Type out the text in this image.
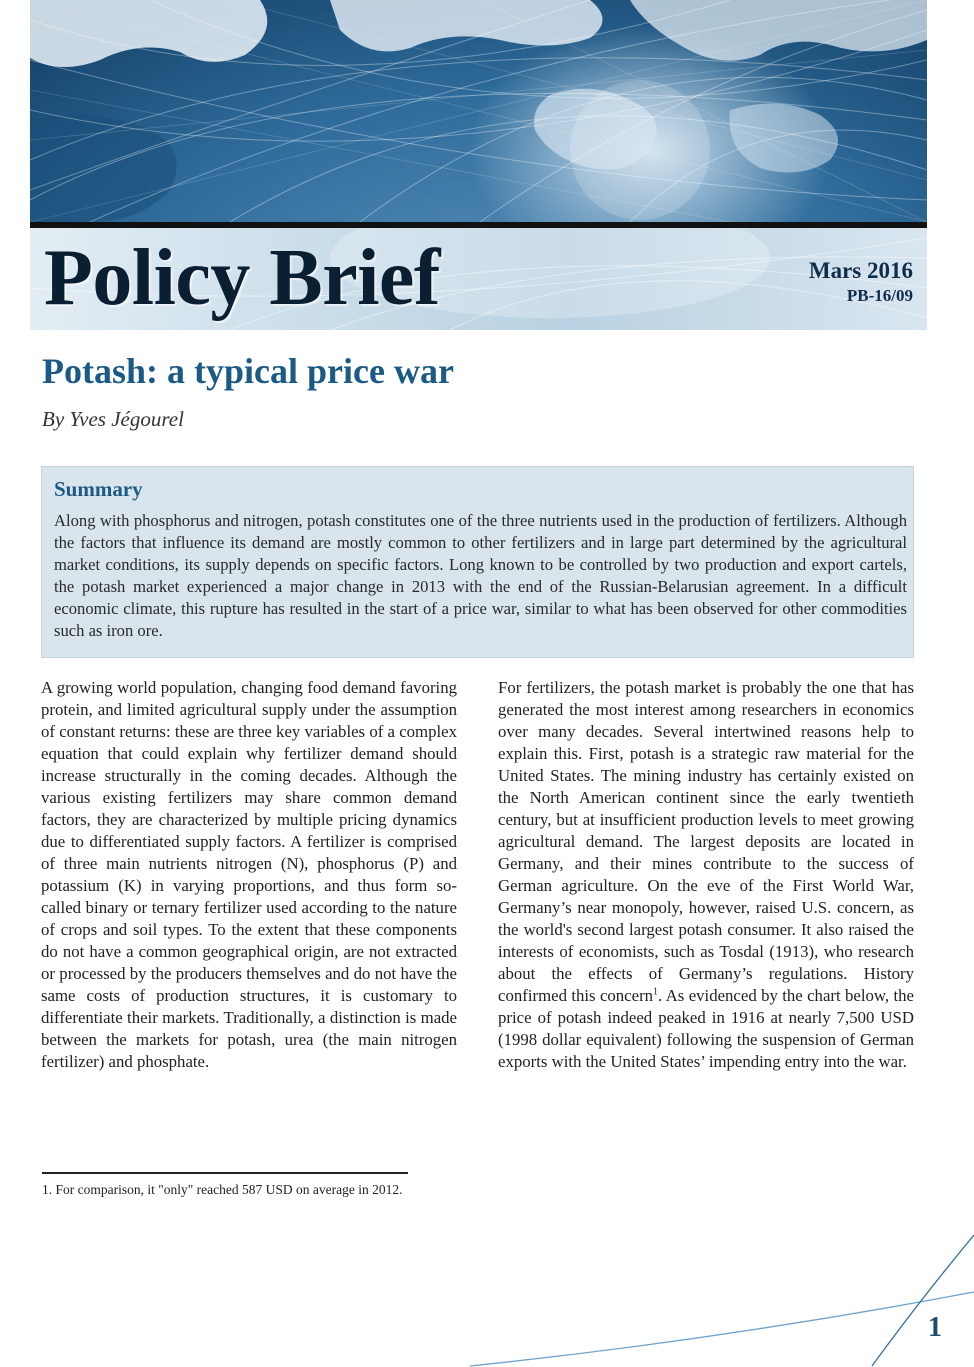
Policy Brief	Mars 2016
PB-16/09
Potash: a typical price war

By Yves Jégourel

Summary

Along with phosphorus and nitrogen, potash constitutes one of the three nutrients used in the production of fertilizers. Although the factors that influence its demand are mostly common to other fertilizers and in large part determined by the agricultural market conditions, its supply depends on specific factors. Long known to be controlled by two production and export cartels, the potash market experienced a major change in 2013 with the end of the Russian-Belarusian agreement. In a difficult economic climate, this rupture has resulted in the start of a price war, similar to what has been observed for other commodities such as iron ore.

A growing world population, changing food demand favoring protein, and limited agricultural supply under the assumption of constant returns: these are three key variables of a complex equation that could explain why fertilizer demand should increase structurally in the coming decades. Although the various existing fertilizers may share common demand factors, they are characterized by multiple pricing dynamics due to differentiated supply factors. A fertilizer is comprised of three main nutrients nitrogen (N), phosphorus (P) and potassium (K) in varying proportions, and thus form so-called binary or ternary fertilizer used according to the nature of crops and soil types. To the extent that these components do not have a common geographical origin, are not extracted or processed by the producers themselves and do not have the same costs of production structures, it is customary to differentiate their markets. Traditionally, a distinction is made between the markets for potash, urea (the main nitrogen fertilizer) and phosphate.

For fertilizers, the potash market is probably the one that has generated the most interest among researchers in economics over many decades. Several intertwined reasons help to explain this. First, potash is a strategic raw material for the United States. The mining industry has certainly existed on the North American continent since the early twentieth century, but at insufficient production levels to meet growing agricultural demand. The largest deposits are located in Germany, and their mines contribute to the success of German agriculture. On the eve of the First World War, Germany’s near monopoly, however, raised U.S. concern, as the world's second largest potash consumer. It also raised the interests of economists, such as Tosdal (1913), who research about the effects of Germany’s regulations. History confirmed this concern$^1$. As evidenced by the chart below, the price of potash indeed peaked in 1916 at nearly 7,500 USD (1998 dollar equivalent) following the suspension of German exports with the United States’ impending entry into the war.

1. For comparison, it "only" reached 587 USD on average in 2012.

1
